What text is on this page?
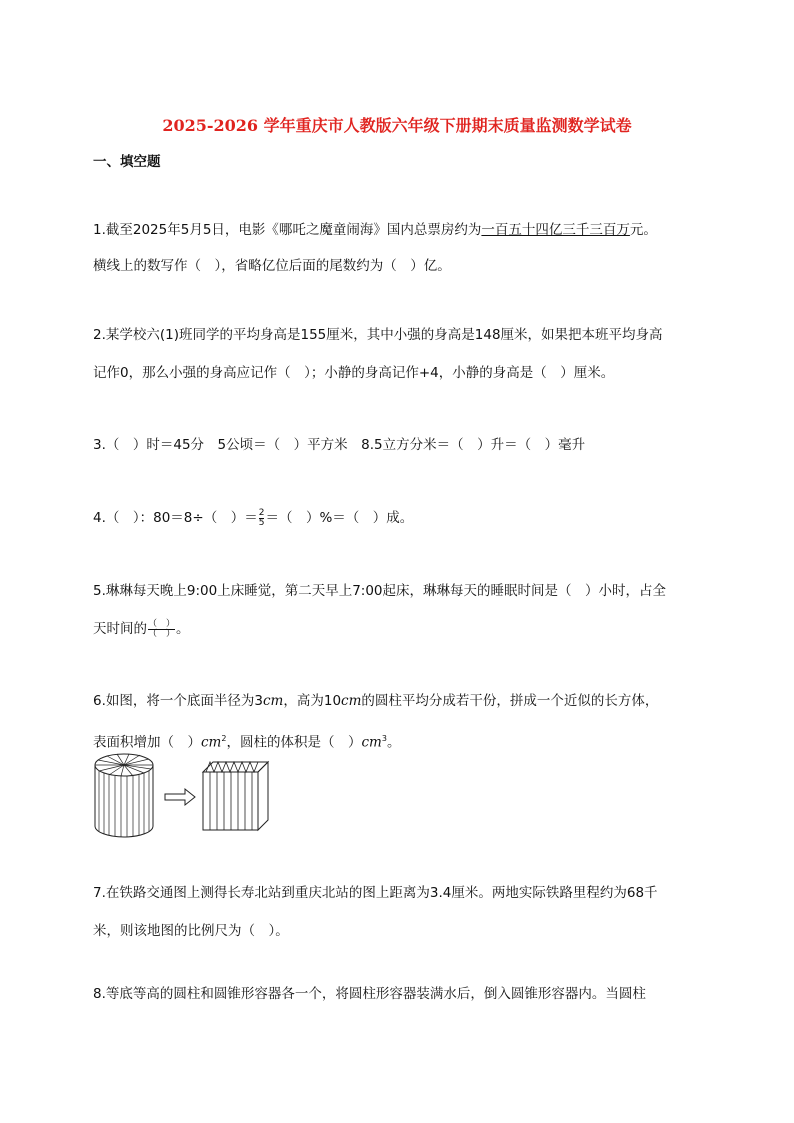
2025-2026 学年重庆市人教版六年级下册期末质量监测数学试卷
一、填空题
1.截至2025年5月5日，电影《哪吒之魔童闹海》国内总票房约为一百五十四亿三千三百万元。
横线上的数写作（　），省略亿位后面的尾数约为（　）亿。
2.某学校六(1)班同学的平均身高是155厘米，其中小强的身高是148厘米，如果把本班平均身高
记作0，那么小强的身高应记作（　）；小静的身高记作+4，小静的身高是（　）厘米。
3.（　）时＝45分　5公顷＝（　）平方米　8.5立方分米＝（　）升＝（　）毫升
4.（　）：80＝8÷（　）＝ $\frac{2}{5}$ ＝（　）%＝（　）成。
5.琳琳每天晚上9:00上床睡觉，第二天早上7:00起床，琳琳每天的睡眠时间是（　）小时，占全
天时间的 $\frac{( )}{( )}$ 。
6.如图，将一个底面半径为3cm，高为10cm的圆柱平均分成若干份，拼成一个近似的长方体，
表面积增加（　）$cm^2$，圆柱的体积是（　）$cm^3$。
7.在铁路交通图上测得长寿北站到重庆北站的图上距离为3.4厘米。两地实际铁路里程约为68千
米，则该地图的比例尺为（　）。
8.等底等高的圆柱和圆锥形容器各一个，将圆柱形容器装满水后，倒入圆锥形容器内。当圆柱
